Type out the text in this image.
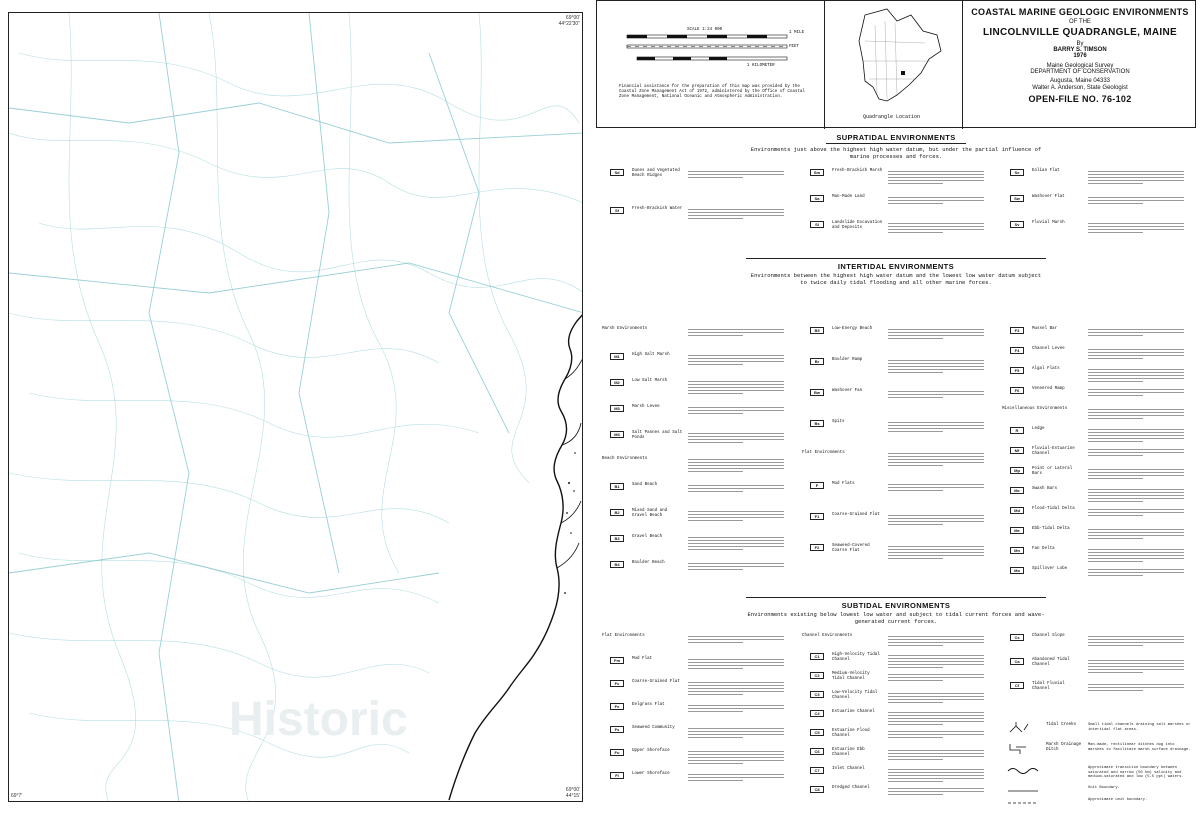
Historic
69°00'
44°22'30"
69°7'
69°00'
44°15'
SCALE 1:24 000
1 MILE
FEET
1 KILOMETER
Financial assistance for the preparation of this map was provided by the Coastal Zone Management Act of 1972, administered by the Office of Coastal Zone Management, National Oceanic and Atmospheric Administration.
Quadrangle Location
COASTAL MARINE GEOLOGIC ENVIRONMENTS
OF THE
LINCOLNVILLE QUADRANGLE, MAINE
By
BARRY S. TIMSON
1976
Maine Geological Survey
DEPARTMENT OF CONSERVATION
Augusta, Maine 04333
Walter A. Anderson, State Geologist
OPEN-FILE NO. 76-102
SUPRATIDAL ENVIRONMENTS
Environments just above the highest high water datum, but under the partial influence of marine processes and forces.
Sd	Dunes and Vegetated Beach Ridges
Sf	Fresh-Brackish Water
Sm	Fresh-Brackish Marsh
Sa	Man-Made Land
Sl	Landslide Excavation and Deposits
Se	Eolian Flat
Sw	Washover Flat
Sv	Fluvial Marsh
INTERTIDAL ENVIRONMENTS
Environments between the highest high water datum and the lowest low water datum subject to twice daily tidal flooding and all other marine forces.
Marsh Environments
M1	High Salt Marsh
M2	Low Salt Marsh
M3	Marsh Levee
M4	Salt Pannes and Salt Ponds
Beach Environments
B1	Sand Beach
B2	Mixed Sand and Gravel Beach
B3	Gravel Beach
B4	Boulder Beach
B5	Low-Energy Beach
Br	Boulder Ramp
Bw	Washover Fan
Bs	Spits
Flat Environments
F	Mud Flats
F1	Coarse-Grained Flat
F2	Seaweed-Covered Coarse Flat
F3	Mussel Bar
F4	Channel Levee
F5	Algal Flats
F6	Veneered Ramp
Miscellaneous Environments
R	Ledge
Mf	Fluvial-Estuarine Channel
Mp	Point or Lateral Bars
Mc	Swash Bars
Md	Flood-Tidal Delta
Me	Ebb-Tidal Delta
Mn	Fan Delta
Mo	Spillover Lobe
SUBTIDAL ENVIRONMENTS
Environments existing below lowest low water and subject to tidal current forces and wave-generated current forces.
Flat Environments
Fm	Mud Flat
Fc	Coarse-Grained Flat
Fe	Eelgrass Flat
Fs	Seaweed Community
Fu	Upper Shoreface
Fl	Lower Shoreface
Channel Environments
C1	High-Velocity Tidal Channel
C2	Medium-Velocity Tidal Channel
C3	Low-Velocity Tidal Channel
C4	Estuarine Channel
C5	Estuarine Flood Channel
C6	Estuarine Ebb Channel
C7	Inlet Channel
C8	Dredged Channel
Cs	Channel Slope
Ca	Abandoned Tidal Channel
Cf	Tidal Fluvial Channel
Tidal Creeks	Small tidal channels draining salt marshes or intertidal flat areas.
Marsh Drainage Ditch
Man-made, rectilinear ditches dug into marshes to facilitate marsh surface drainage.
Approximate transition boundary between saturated and narrow (50 km) salinity and medium-saturated and low (5-5 ppt) waters.
Unit Boundary.
Approximate unit boundary.
